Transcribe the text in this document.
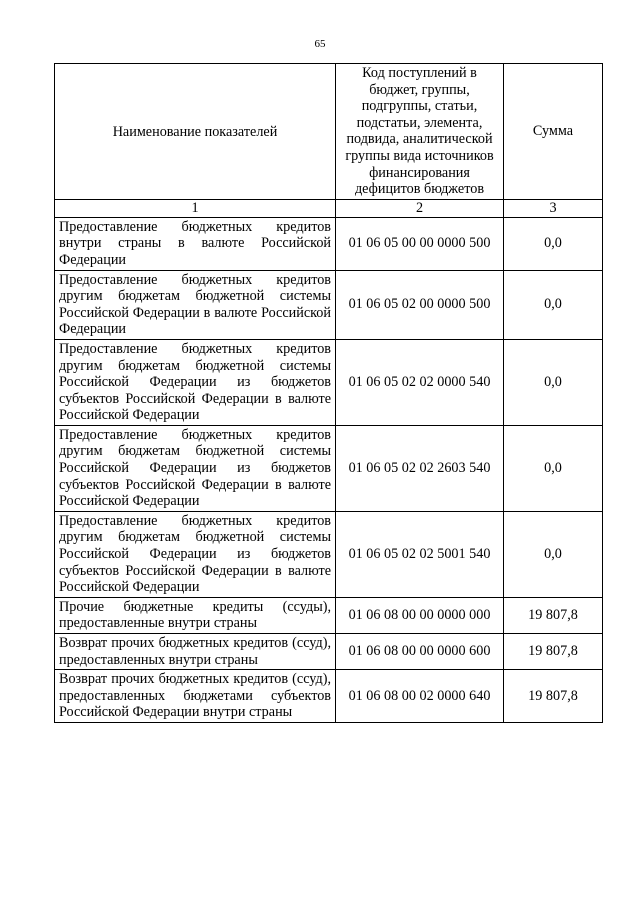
65
Наименование показателей	Код поступлений в бюджет, группы, подгруппы, статьи, подстатьи, элемента, подвида, аналитической группы вида источников финансирования дефицитов бюджетов	Сумма
1	2	3
Предоставление бюджетных кредитов внутри страны в валюте Российской Федерации	01 06 05 00 00 0000 500	0,0
Предоставление бюджетных кредитов другим бюджетам бюджетной системы Российской Федерации в валюте Российской Федерации	01 06 05 02 00 0000 500	0,0
Предоставление бюджетных кредитов другим бюджетам бюджетной системы Российской Федерации из бюджетов субъектов Российской Федерации в валюте Российской Федерации	01 06 05 02 02 0000 540	0,0
Предоставление бюджетных кредитов другим бюджетам бюджетной системы Российской Федерации из бюджетов субъектов Российской Федерации в валюте Российской Федерации	01 06 05 02 02 2603 540	0,0
Предоставление бюджетных кредитов другим бюджетам бюджетной системы Российской Федерации из бюджетов субъектов Российской Федерации в валюте Российской Федерации	01 06 05 02 02 5001 540	0,0
Прочие бюджетные кредиты (ссуды), предоставленные внутри страны	01 06 08 00 00 0000 000	19 807,8
Возврат прочих бюджетных кредитов (ссуд), предоставленных внутри страны	01 06 08 00 00 0000 600	19 807,8
Возврат прочих бюджетных кредитов (ссуд), предоставленных бюджетами субъектов Российской Федерации внутри страны	01 06 08 00 02 0000 640	19 807,8
